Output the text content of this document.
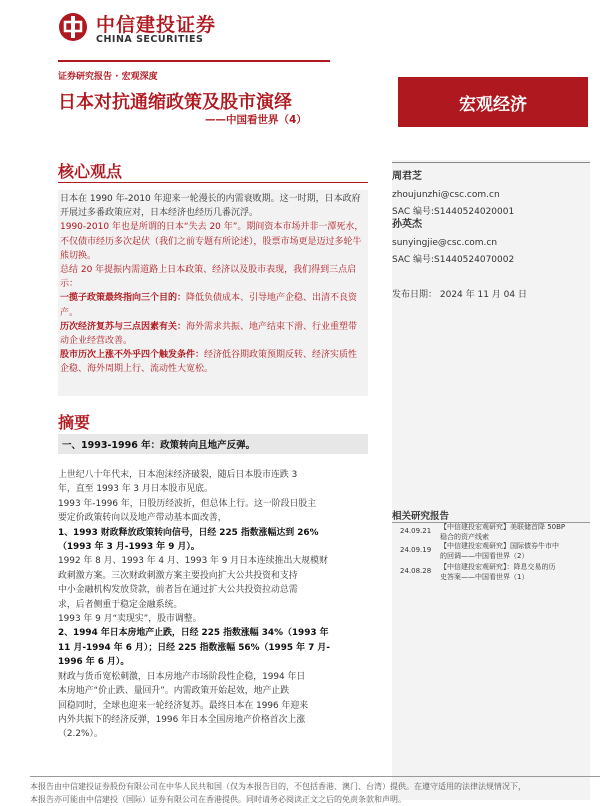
中信建投证券
CHINA SECURITIES
证券研究报告 · 宏观深度
日本对抗通缩政策及股市演绎
——中国看世界（4）
宏观经济
核心观点
日本在 1990 年-2010 年迎来一轮漫长的内需衰败期。这一时期，日本政府开展过多番政策应对，日本经济也经历几番沉浮。
1990-2010 年也是所谓的日本“失去 20 年”。期间资本市场并非一潭死水，不仅债市经历多次起伏（我们之前专题有所论述），股票市场更是迈过多轮牛熊切换。
总结 20 年提振内需道路上日本政策、经济以及股市表现，我们得到三点启示：
一揽子政策最终指向三个目的：降低负债成本、引导地产企稳、出清不良资产。
历次经济复苏与三点因素有关：海外需求共振、地产结束下滑、行业重塑带动企业经营改善。
股市历次上涨不外乎四个触发条件：经济低谷期政策预期反转、经济实质性企稳、海外周期上行、流动性大宽松。
摘要
一、1993-1996 年：政策转向且地产反弹。
上世纪八十年代末，日本泡沫经济破裂，随后日本股市连跌 3
年，直至 1993 年 3 月日本股市见底。
1993 年-1996 年，日股历经波折，但总体上行。这一阶段日股主
要定价政策转向以及地产带动基本面改善，
1、1993 财政释放政策转向信号，日经 225 指数涨幅达到 26%
（1993 年 3 月-1993 年 9 月）。
1992 年 8 月、1993 年 4 月、1993 年 9 月日本连续推出大规模财
政刺激方案。三次财政刺激方案主要投向扩大公共投资和支持
中小金融机构发放贷款，前者旨在通过扩大公共投资拉动总需
求，后者侧重于稳定金融系统。
1993 年 9 月“卖现实”，股市调整。
2、1994 年日本房地产止跌，日经 225 指数涨幅 34%（1993 年
11 月-1994 年 6 月）；日经 225 指数涨幅 56%（1995 年 7 月-
1996 年 6 月）。
财政与货币宽松刺激，日本房地产市场阶段性企稳，1994 年日
本房地产“价止跌、量回升”。内需政策开始起效，地产止跌
回稳同时，全球也迎来一轮经济复苏。最终日本在 1996 年迎来
内外共振下的经济反弹，1996 年日本全国房地产价格首次上涨
（2.2%）。
周君芝
zhoujunzhi@csc.com.cn
SAC 编号:S1440524020001
孙英杰
sunyingjie@csc.com.cn
SAC 编号:S1440524070002
发布日期： 2024 年 11 月 04 日
相关研究报告
24.09.21 【中信建投宏观研究】美联储首降 50BP
稳合的资产线索
24.09.19 【中信建投宏观研究】国际债券牛市中
的回调——中国看世界（2）
24.08.28 【中信建投宏观研究】：降息交易的历
史答案——中国看世界（1）
本报告由中信建投证券股份有限公司在中华人民共和国（仅为本报告目的，不包括香港、澳门、台湾）提供。在遵守适用的法律法规情况下，
本报告亦可能由中信建投（国际）证券有限公司在香港提供。同时请务必阅读正文之后的免责条款和声明。
